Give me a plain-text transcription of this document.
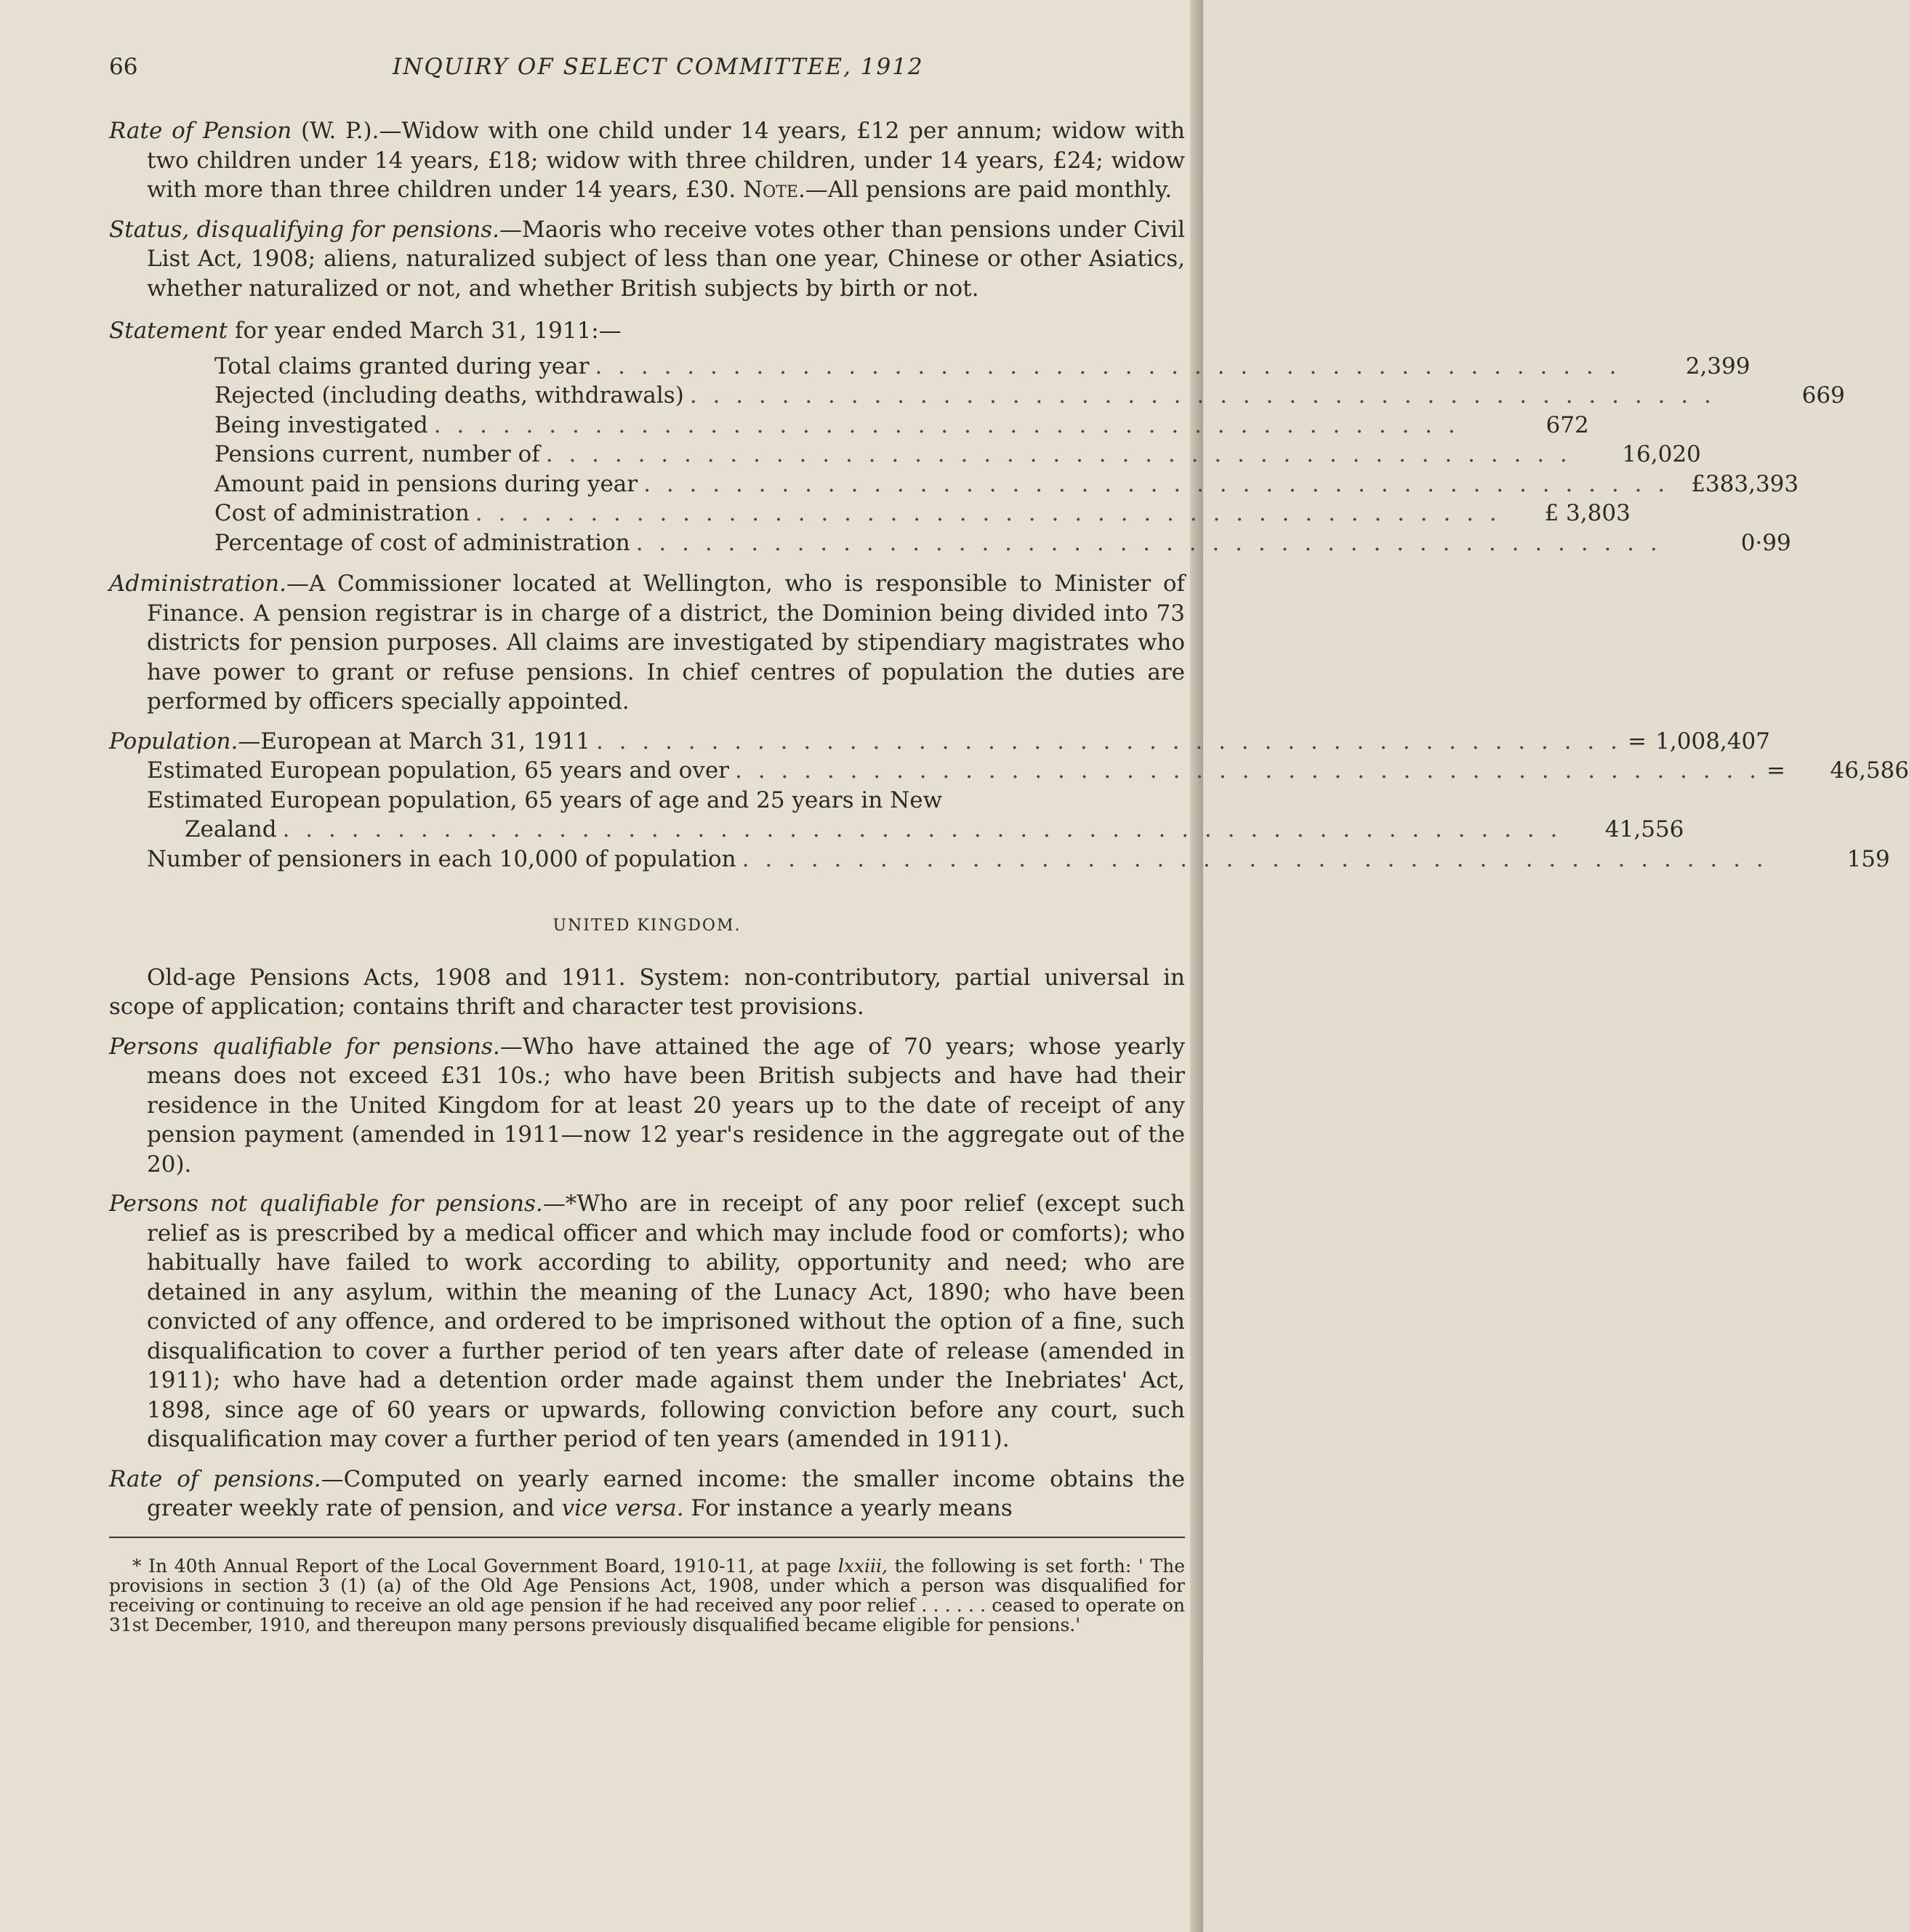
66	INQUIRY OF SELECT COMMITTEE, 1912

Rate of Pension (W. P.).—Widow with one child under 14 years, £12 per annum; widow with two children under 14 years, £18; widow with three children, under 14 years, £24; widow with more than three children under 14 years, £30. Note.—All pensions are paid monthly.

Status, disqualifying for pensions.—Maoris who receive votes other than pensions under Civil List Act, 1908; aliens, naturalized subject of less than one year, Chinese or other Asiatics, whether naturalized or not, and whether British subjects by birth or not.

Statement for year ended March 31, 1911:—
Total claims granted during year . . . . . . . . . . . . . . . . . . . . . . . . . . . . . . . . . . . . . . . . . . . . .	2,399
Rejected (including deaths, withdrawals) . . . . . . . . . . . . . . . . . . . . . . . . . . . . . . . . . . . . . . . . . . . . .	669
Being investigated . . . . . . . . . . . . . . . . . . . . . . . . . . . . . . . . . . . . . . . . . . . . .	672
Pensions current, number of . . . . . . . . . . . . . . . . . . . . . . . . . . . . . . . . . . . . . . . . . . . . .	16,020
Amount paid in pensions during year . . . . . . . . . . . . . . . . . . . . . . . . . . . . . . . . . . . . . . . . . . . . . £383,393
Cost of administration . . . . . . . . . . . . . . . . . . . . . . . . . . . . . . . . . . . . . . . . . . . . .	£ 3,803
Percentage of cost of administration . . . . . . . . . . . . . . . . . . . . . . . . . . . . . . . . . . . . . . . . . . . . .	0·99

Administration.—A Commissioner located at Wellington, who is responsible to Minister of Finance. A pension registrar is in charge of a district, the Dominion being divided into 73 districts for pension purposes. All claims are investigated by stipendiary magistrates who have power to grant or refuse pensions. In chief centres of population the duties are performed by officers specially appointed.

Population.—European at March 31, 1911 . . . . . . . . . . . . . . . . . . . . . . . . . . . . . . . . . . . . . . . . . . . . . = 1,008,407
Estimated European population, 65 years and over . . . . . . . . . . . . . . . . . . . . . . . . . . . . . . . . . . . . . . . . . . . . . =	46,586
Estimated European population, 65 years of age and 25 years in New
Zealand . . . . . . . . . . . . . . . . . . . . . . . . . . . . . . . . . . . . . . . . . . . . . . . . . . . . . . . .	41,556
Number of pensioners in each 10,000 of population . . . . . . . . . . . . . . . . . . . . . . . . . . . . . . . . . . . . . . . . . . . . .	159
UNITED KINGDOM.

Old-age Pensions Acts, 1908 and 1911. System: non-contributory, partial universal in scope of application; contains thrift and character test provisions.

Persons qualifiable for pensions.—Who have attained the age of 70 years; whose yearly means does not exceed £31 10s.; who have been British subjects and have had their residence in the United Kingdom for at least 20 years up to the date of receipt of any pension payment (amended in 1911—now 12 year's residence in the aggregate out of the 20).

Persons not qualifiable for pensions.—*Who are in receipt of any poor relief (except such relief as is prescribed by a medical officer and which may include food or comforts); who habitually have failed to work according to ability, opportunity and need; who are detained in any asylum, within the meaning of the Lunacy Act, 1890; who have been convicted of any offence, and ordered to be imprisoned without the option of a fine, such disqualification to cover a further period of ten years after date of release (amended in 1911); who have had a detention order made against them under the Inebriates' Act, 1898, since age of 60 years or upwards, following conviction before any court, such disqualification may cover a further period of ten years (amended in 1911).

Rate of pensions.—Computed on yearly earned income: the smaller income obtains the greater weekly rate of pension, and vice versa. For instance a yearly means

* In 40th Annual Report of the Local Government Board, 1910-11, at page lxxiii, the following is set forth: ' The provisions in section 3 (1) (a) of the Old Age Pensions Act, 1908, under which a person was disqualified for receiving or continuing to receive an old age pension if he had received any poor relief . . . . . . ceased to operate on 31st December, 1910, and thereupon many persons previously disqualified became eligible for pensions.'
